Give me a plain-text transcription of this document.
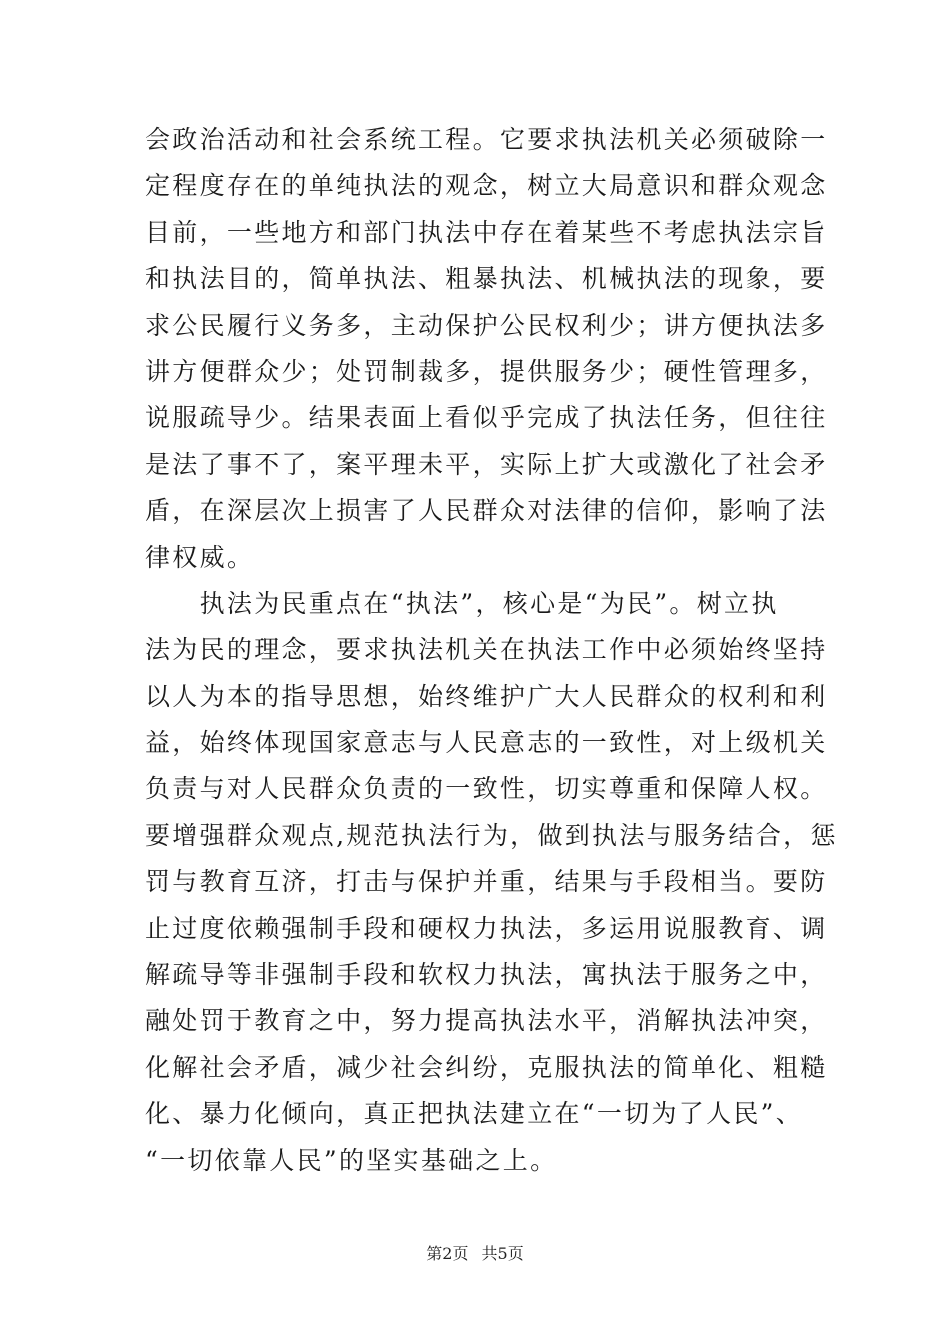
会政治活动和社会系统工程。它要求执法机关必须破除一
定程度存在的单纯执法的观念，树立大局意识和群众观念
目前，一些地方和部门执法中存在着某些不考虑执法宗旨
和执法目的，简单执法、粗暴执法、机械执法的现象，要
求公民履行义务多，主动保护公民权利少；讲方便执法多
讲方便群众少；处罚制裁多，提供服务少；硬性管理多，
说服疏导少。结果表面上看似乎完成了执法任务，但往往
是法了事不了，案平理未平，实际上扩大或激化了社会矛
盾，在深层次上损害了人民群众对法律的信仰，影响了法
律权威。
　　执法为民重点在“执法”，核心是“为民”。树立执
法为民的理念，要求执法机关在执法工作中必须始终坚持
以人为本的指导思想，始终维护广大人民群众的权利和利
益，始终体现国家意志与人民意志的一致性，对上级机关
负责与对人民群众负责的一致性，切实尊重和保障人权。
要增强群众观点,规范执法行为，做到执法与服务结合，惩
罚与教育互济，打击与保护并重，结果与手段相当。要防
止过度依赖强制手段和硬权力执法，多运用说服教育、调
解疏导等非强制手段和软权力执法，寓执法于服务之中，
融处罚于教育之中，努力提高执法水平，消解执法冲突，
化解社会矛盾，减少社会纠纷，克服执法的简单化、粗糙
化、暴力化倾向，真正把执法建立在“一切为了人民”、
“一切依靠人民”的坚实基础之上。
第2页 共5页
